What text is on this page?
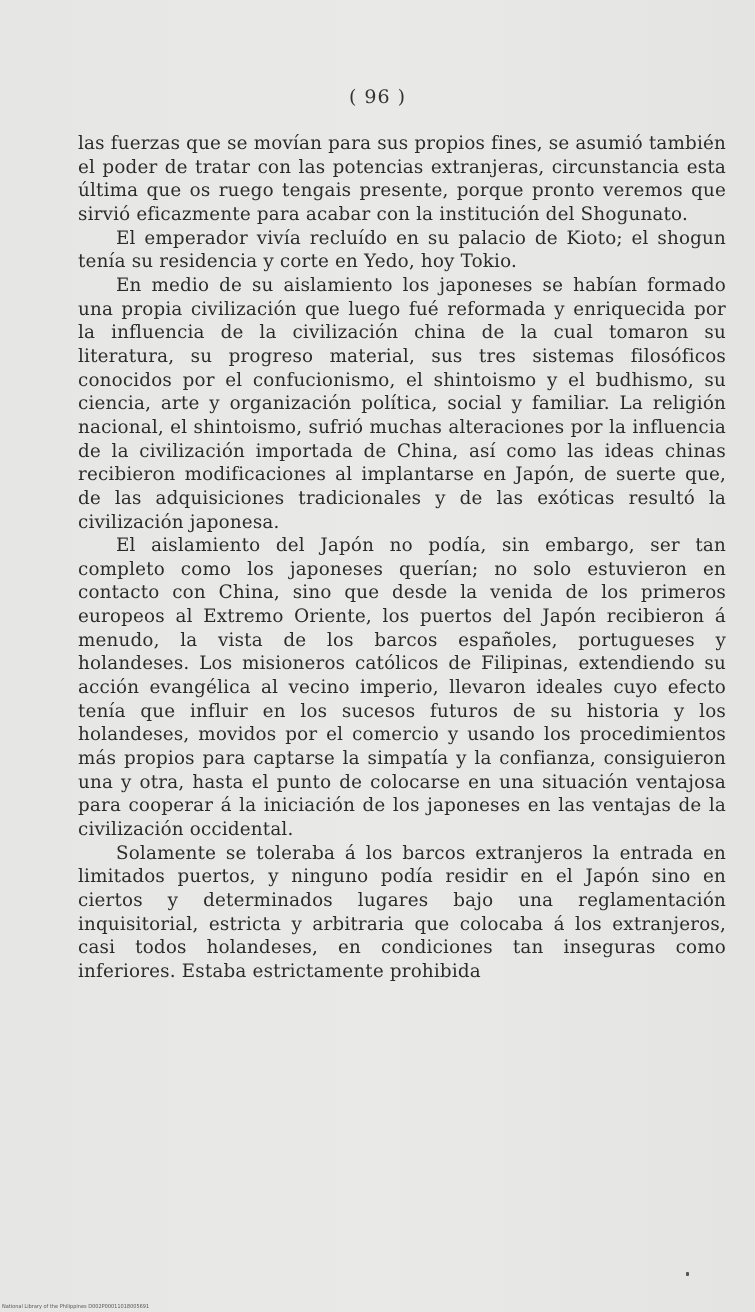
( 96 )

las fuerzas que se movían para sus propios fines, se asumió también el poder de tratar con las potencias extranjeras, circunstancia esta última que os ruego tengais presente, porque pronto veremos que sirvió eficazmente para acabar con la institución del Shogunato.

El emperador vivía recluído en su palacio de Kioto; el shogun tenía su residencia y corte en Yedo, hoy Tokio.

En medio de su aislamiento los japoneses se habían formado una propia civilización que luego fué reformada y enriquecida por la influencia de la civilización china de la cual tomaron su literatura, su progreso material, sus tres sistemas filosóficos conocidos por el confucionismo, el shintoismo y el budhismo, su ciencia, arte y organización política, social y familiar. La religión nacional, el shintoismo, sufrió muchas alteraciones por la influencia de la civilización importada de China, así como las ideas chinas recibieron modificaciones al implantarse en Japón, de suerte que, de las adquisiciones tradicionales y de las exóticas resultó la civilización japonesa.

El aislamiento del Japón no podía, sin embargo, ser tan completo como los japoneses querían; no solo estuvieron en contacto con China, sino que desde la venida de los primeros europeos al Extremo Oriente, los puertos del Japón recibieron á menudo, la vista de los barcos españoles, portugueses y holandeses. Los misioneros católicos de Filipinas, extendiendo su acción evangélica al vecino imperio, llevaron ideales cuyo efecto tenía que influir en los sucesos futuros de su historia y los holandeses, movidos por el comercio y usando los procedimientos más propios para captarse la simpatía y la confianza, consiguieron una y otra, hasta el punto de colocarse en una situación ventajosa para cooperar á la iniciación de los japoneses en las ventajas de la civilización occidental.

Solamente se toleraba á los barcos extranjeros la entrada en limitados puertos, y ninguno podía residir en el Japón sino en ciertos y determinados lugares bajo una reglamentación inquisitorial, estricta y arbitraria que colocaba á los extranjeros, casi todos holandeses, en condiciones tan inseguras como inferiores. Estaba estrictamente prohibida

National Library of the Philippines D002P00011018005691
